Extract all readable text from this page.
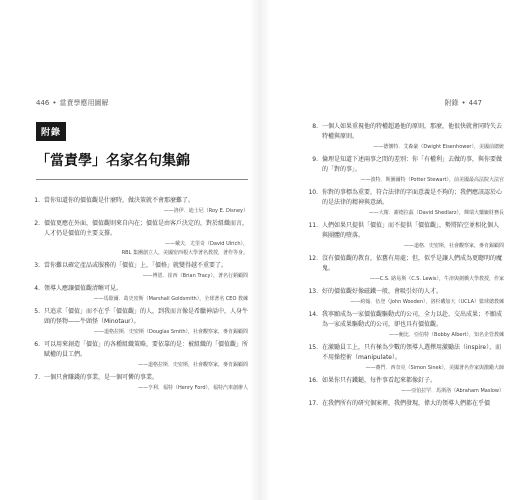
446 • 當責學應用圖解
附錄
「當責學」名家名句集錦
1. 當你知道你的價值觀是什麼時，做決策就不會那麼難了。
——洛伊．迪士尼（Roy E. Disney）
2. 價值更應在外面，價值觀則來自內在；價值是由客戶決定的，對於組織而言，人才仍是價值的主要支撐。
——戴夫．尤里奇（David Ulrich），
RBL 集團創立人，美國密西根大學著名教授，著作等身。
3. 當你難以確定產品或服務的「價值」上，「價格」就變得越不重要了。
——博恩．崔西（Brian Tracy），著名行銷顧問
4. 領導人應讓價值觀清晰可見。
——馬歇爾．葛史密斯（Marshall Goldsmith），全球著名 CEO 教練
5. 只追求「價值」而不在乎「價值觀」的人，到我而言像是希臘神話中，人身牛頭的怪物——牛頭怪（Minotaur）。
——道格拉斯．史密斯（Douglas Smith），社會觀察家，麥肯錫顧問
6. 可以用來創造「價值」的各種組織策略，要依靠的是：被組織的「價值觀」所賦權的員工們。
——道格拉斯．史密斯，社會觀察家，麥肯錫顧問
7. 一個只會賺錢的事業，是一個可憐的事業。
——亨利．福特（Henry Ford），福特汽車創辦人
附錄 • 447
8. 一個人如果重視他的特權超過他的原則，那麼，他很快就會同時失去特權與原則。
——德懷特．艾森豪（Dwight Eisenhower），美國前總統
9. 倫理是知道下述兩事之間的差別：你「有權利」去做的事，與你要做的「對的事」。
——波特．斯圖爾特（Potter Stewart），前美國最高法院大法官
10. 你對的事標為重要，符合法律的字面意義是不夠的；我們應該認於心的是法律的精神與意涵。
——大衛．謝德拉茲（David Shedlarz），輝瑞大藥廠財務長
11. 人們如果只提供「價值」而不提供「價值觀」，勢將陷空並相化個人與團體的墮落。
——道格．史密斯，社會觀察家，麥肯錫顧問
12. 沒有價值觀的教育，依舊有用處；但，似乎是讓人們成為更聰明的魔鬼。
——C.S. 路易斯（C.S. Lewis），牛津與劍橋大學教授，作家
13. 好的價值觀好像磁鐵一般，會吸引好的人才。
——約翰．伍登（John Wooden），洛杉磯加大（UCLA）籃球總教練
14. 我寧願成為一家價值觀驅動式的公司，全力以赴、交出成果；不願成為一家成果驅動式的公司，卻也具有價值觀。
——鮑比．亞伯特（Bobby Albert），知名企管教練
15. 在激勵員工上，只有極為少數的領導人選擇用激勵法（inspire），而不用操控術（manipulate）。
——賽門．西奈克（Simon Sinek），美國著名作家與激勵大師
16. 如果你只有鐵鎚，每件事看起來都像釘子。
——亞伯拉罕．馬斯洛（Abraham Maslow）
17. 在我們所有的研究個案裡，我們發現，偉大的領導人們都在乎價
